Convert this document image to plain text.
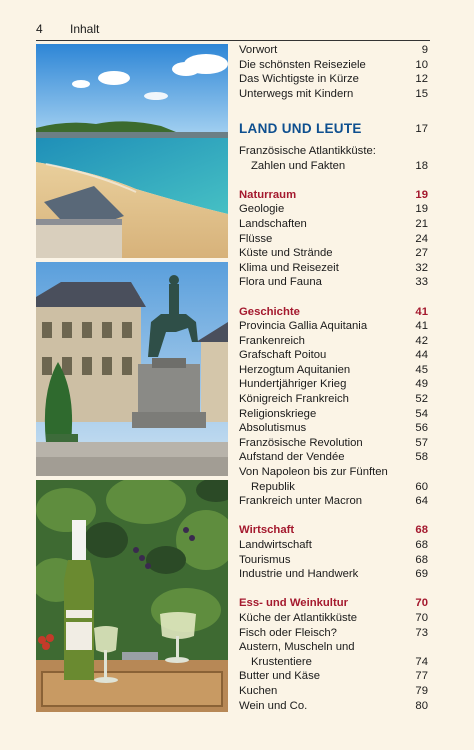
4 Inhalt
Vorwort	9
Die schönsten Reiseziele	10
Das Wichtigste in Kürze	12
Unterwegs mit Kindern	15
LAND UND LEUTE	17
Französische Atlantikküste:
Zahlen und Fakten	18
Naturraum	19
Geologie	19
Landschaften	21
Flüsse	24
Küste und Strände	27
Klima und Reisezeit	32
Flora und Fauna	33
Geschichte	41
Provincia Gallia Aquitania	41
Frankenreich	42
Grafschaft Poitou	44
Herzogtum Aquitanien	45
Hundertjähriger Krieg	49
Königreich Frankreich	52
Religionskriege	54
Absolutismus	56
Französische Revolution	57
Aufstand der Vendée	58
Von Napoleon bis zur Fünften
Republik	60
Frankreich unter Macron	64
Wirtschaft	68
Landwirtschaft	68
Tourismus	68
Industrie und Handwerk	69
Ess- und Weinkultur	70
Küche der Atlantikküste	70
Fisch oder Fleisch?	73
Austern, Muscheln und
Krustentiere	74
Butter und Käse	77
Kuchen	79
Wein und Co.	80
